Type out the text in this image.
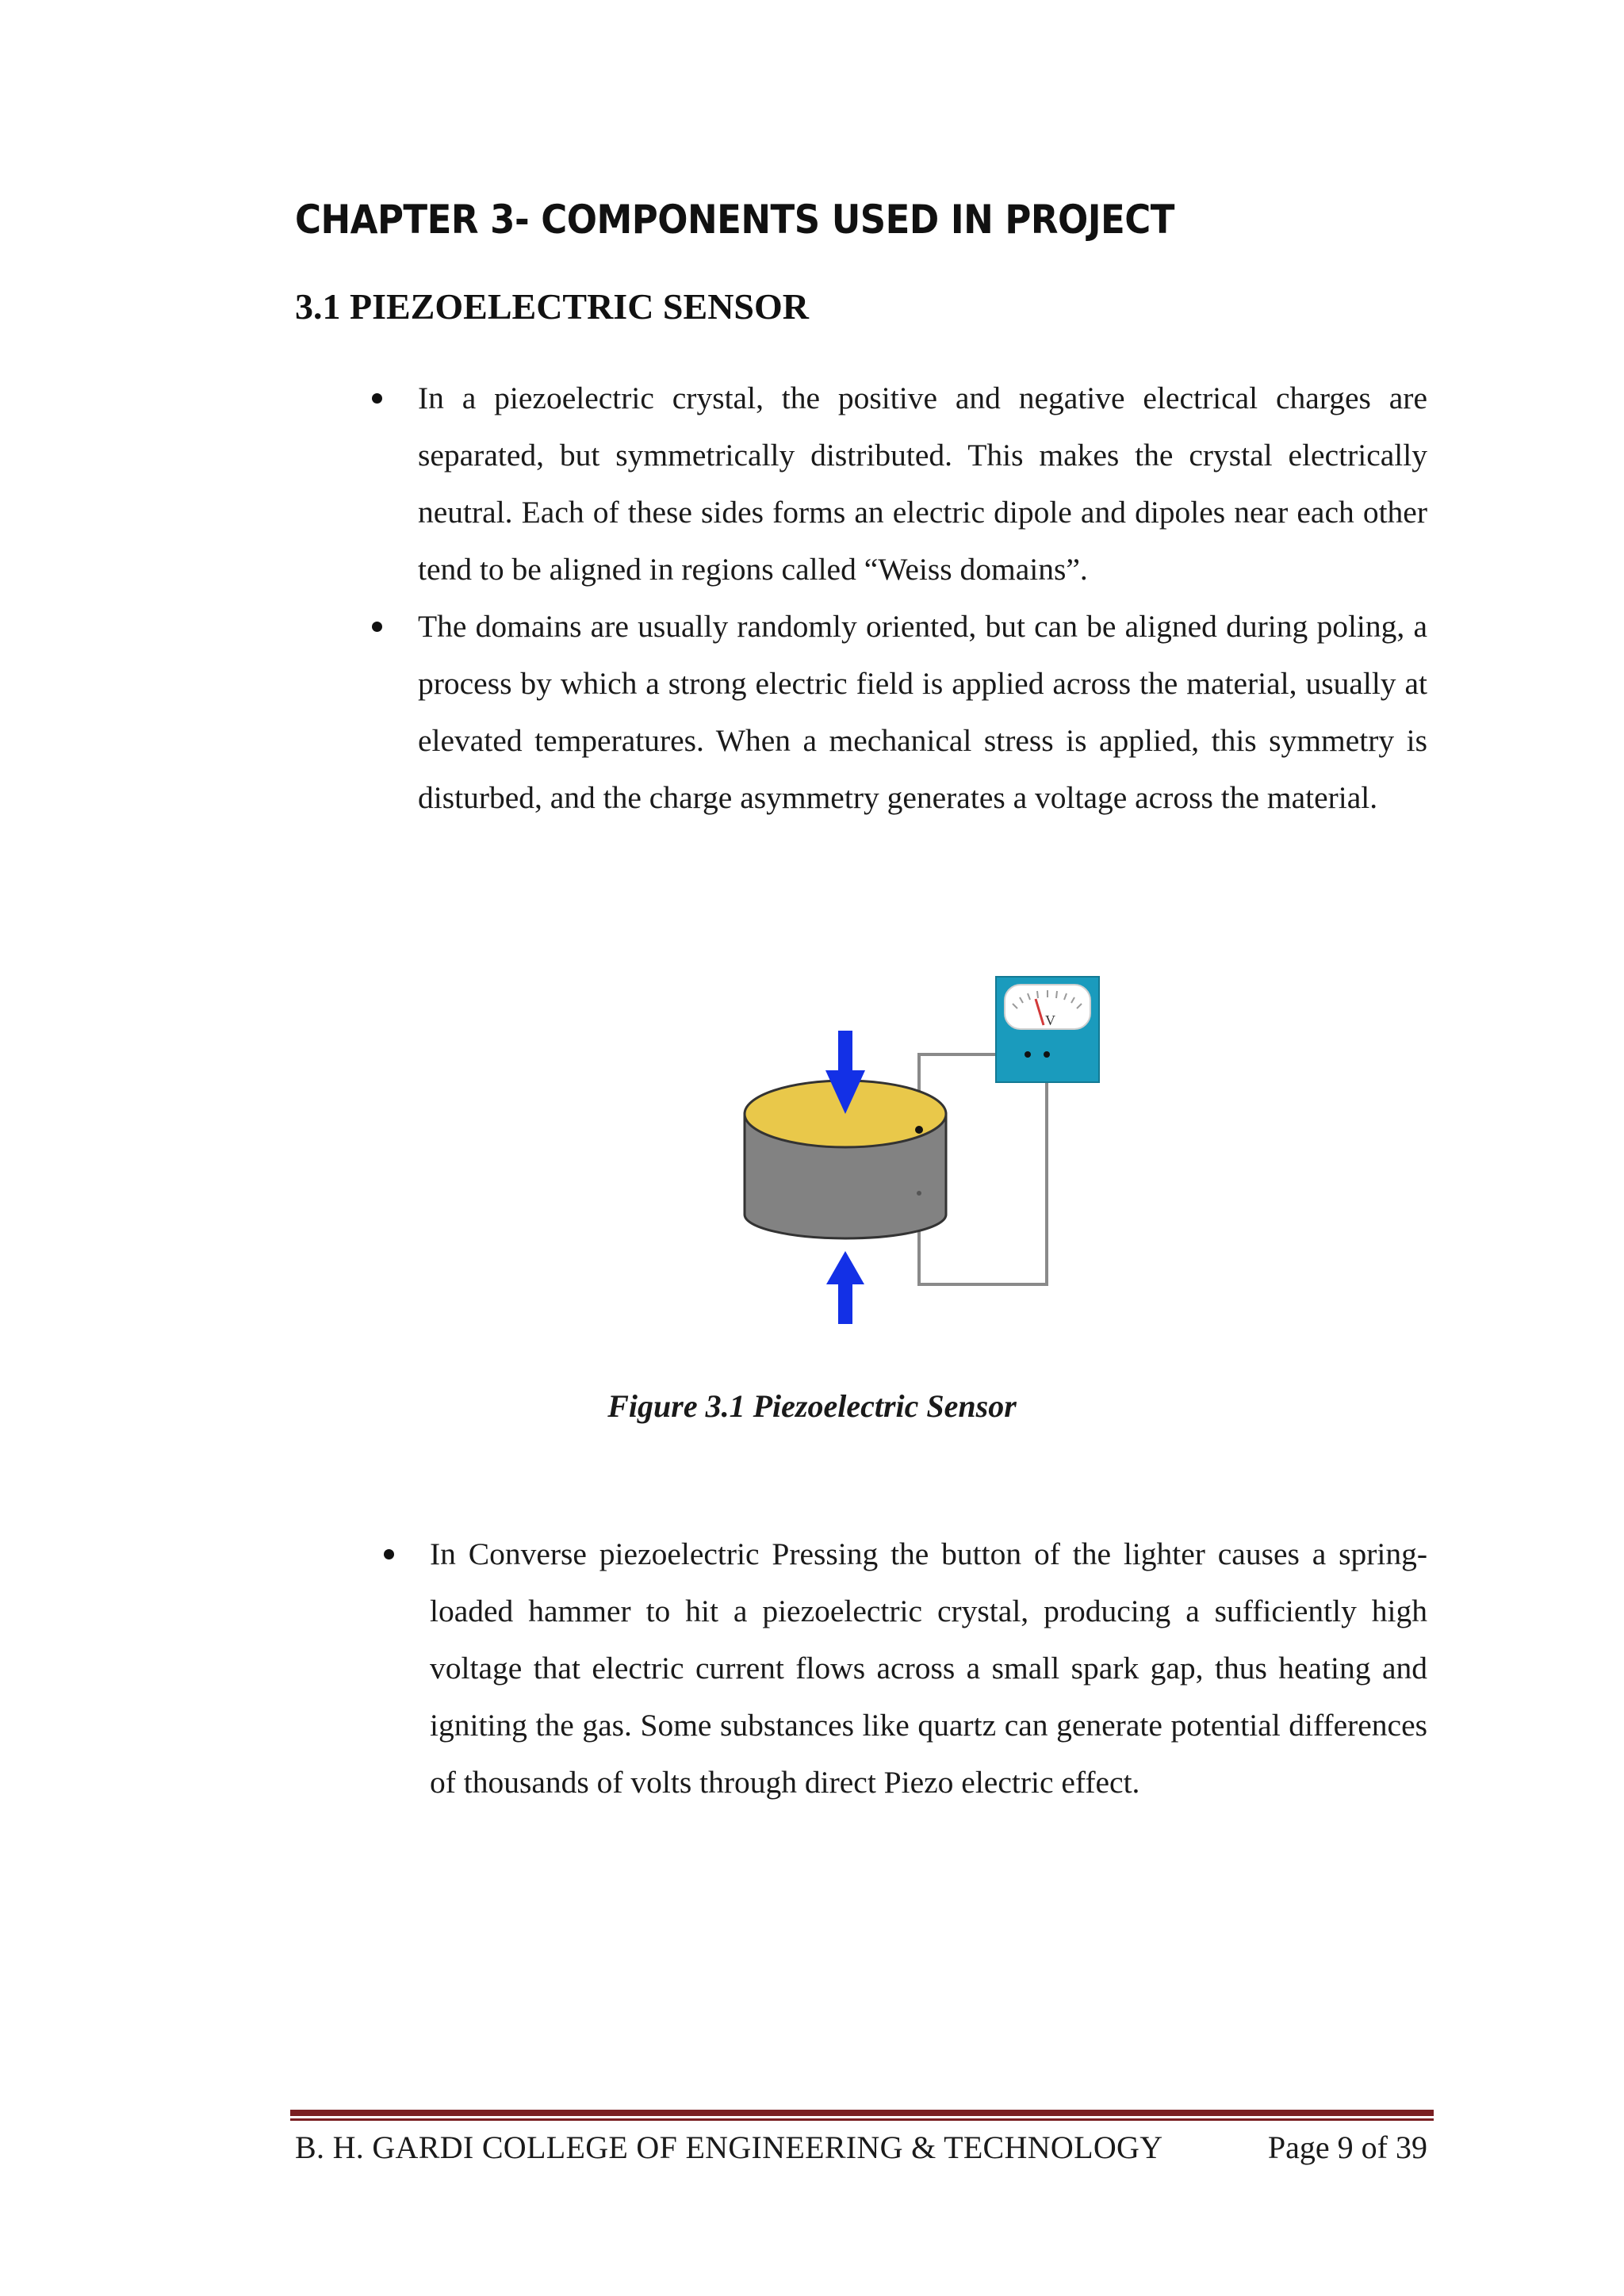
CHAPTER 3- COMPONENTS USED IN PROJECT
3.1 PIEZOELECTRIC SENSOR
In a piezoelectric crystal, the positive and negative electrical charges are separated, but symmetrically distributed. This makes the crystal electrically neutral. Each of these sides forms an electric dipole and dipoles near each other tend to be aligned in regions called “Weiss domains”.
The domains are usually randomly oriented, but can be aligned during poling, a process by which a strong electric field is applied across the material, usually at elevated temperatures. When a mechanical stress is applied, this symmetry is disturbed, and the charge asymmetry generates a voltage across the material.
V

Figure 3.1 Piezoelectric Sensor

In Converse piezoelectric Pressing the button of the lighter causes a spring-loaded hammer to hit a piezoelectric crystal, producing a sufficiently high voltage that electric current flows across a small spark gap, thus heating and igniting the gas. Some substances like quartz can generate potential differences of thousands of volts through direct Piezo electric effect.

B. H. GARDI COLLEGE OF ENGINEERING & TECHNOLOGY	Page 9 of 39
